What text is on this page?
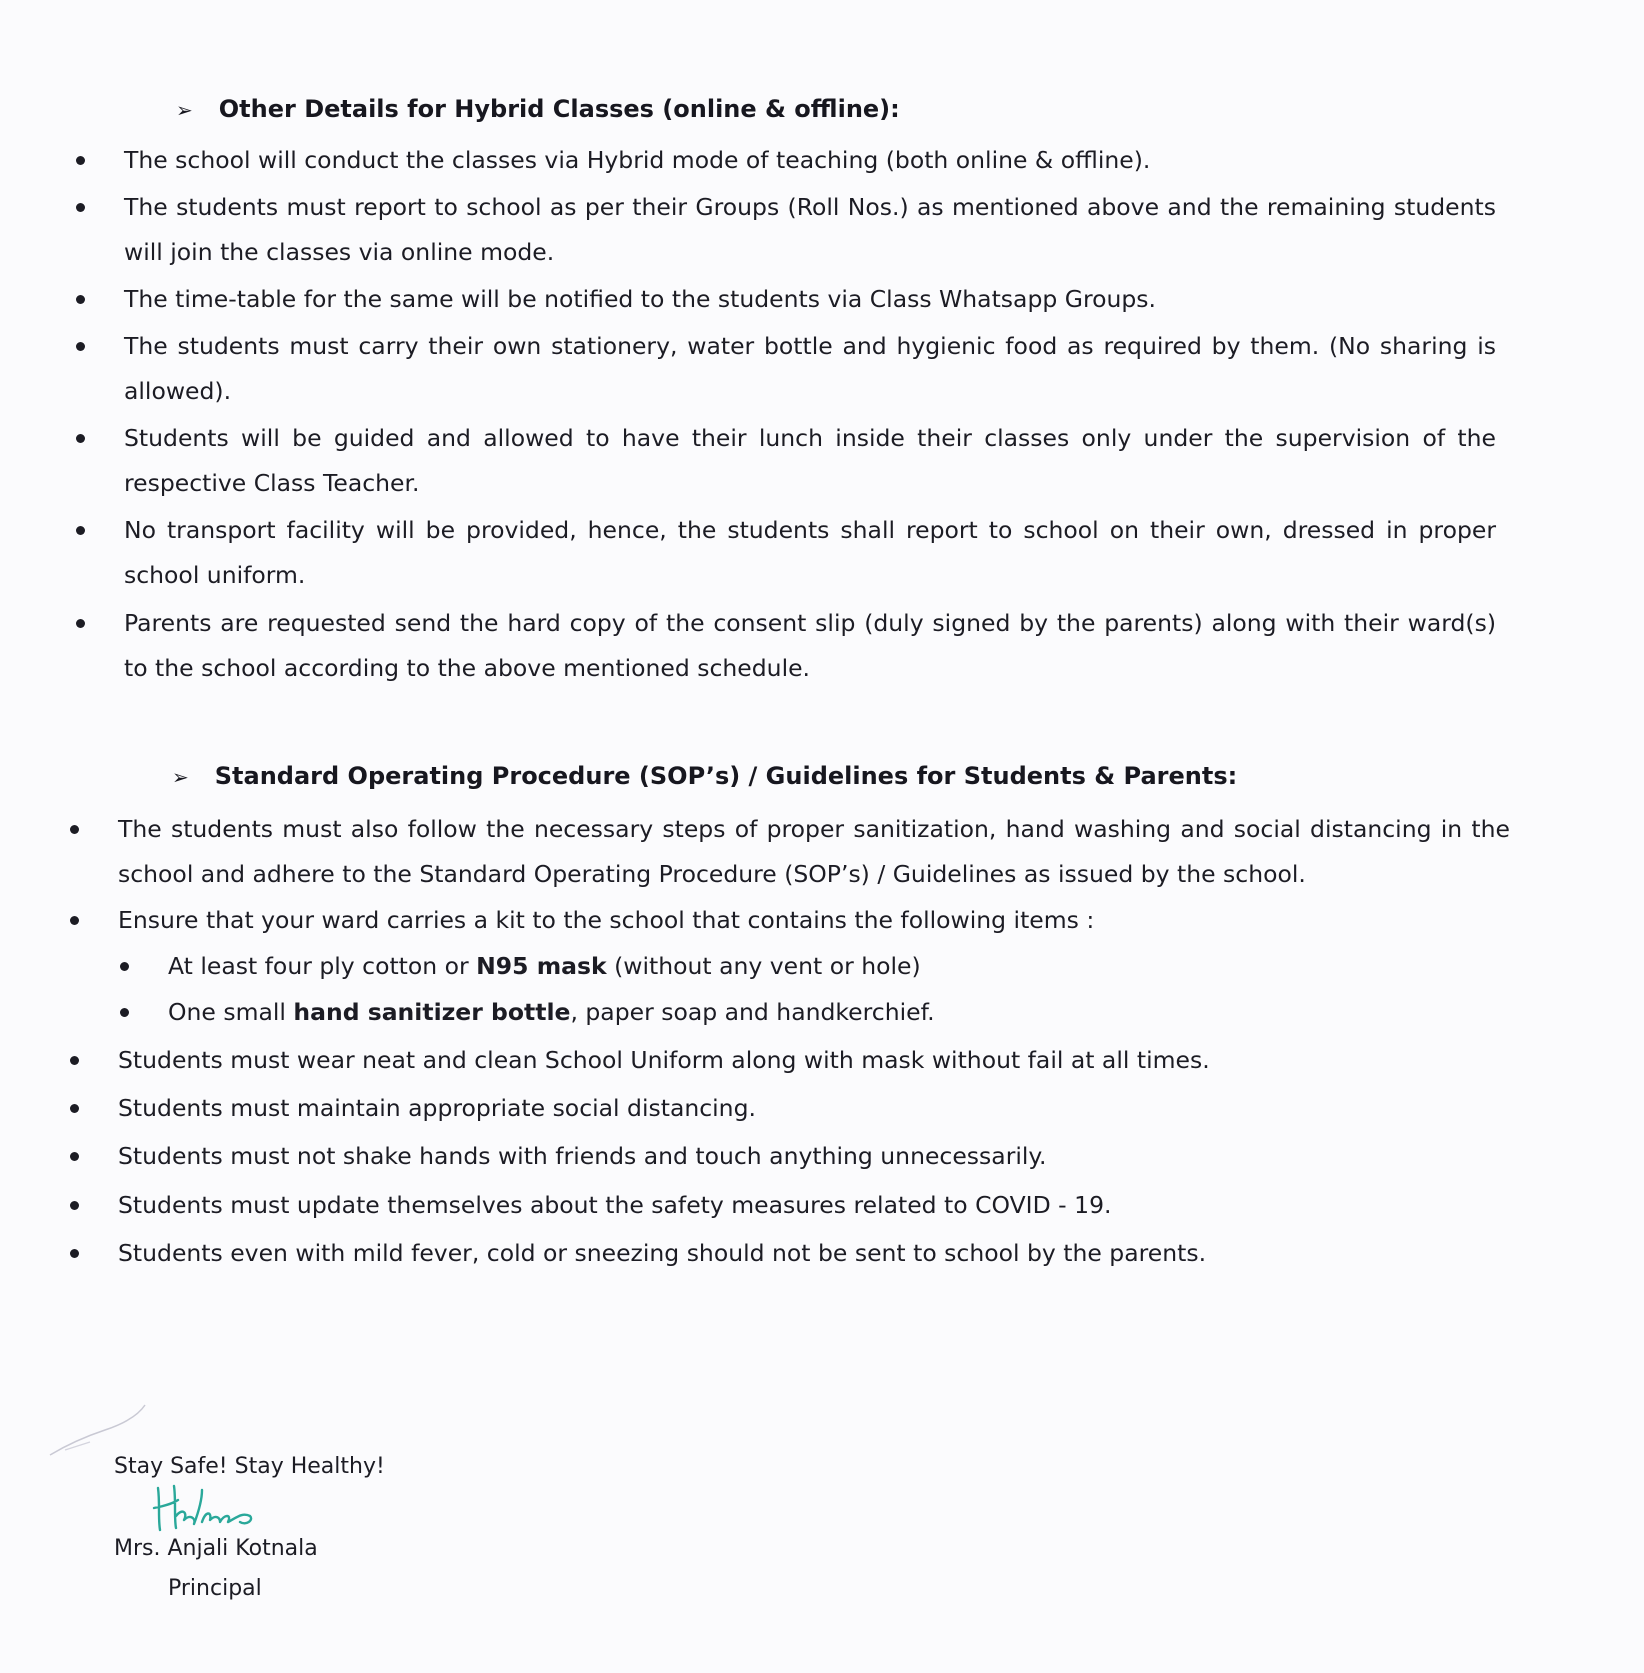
➢ Other Details for Hybrid Classes (online & offline):
The school will conduct the classes via Hybrid mode of teaching (both online & offline).
The students must report to school as per their Groups (Roll Nos.) as mentioned above and the remaining students will join the classes via online mode.
The time-table for the same will be notified to the students via Class Whatsapp Groups.
The students must carry their own stationery, water bottle and hygienic food as required by them. (No sharing is allowed).
Students will be guided and allowed to have their lunch inside their classes only under the supervision of the respective Class Teacher.
No transport facility will be provided, hence, the students shall report to school on their own, dressed in proper school uniform.
Parents are requested send the hard copy of the consent slip (duly signed by the parents) along with their ward(s) to the school according to the above mentioned schedule.
➢ Standard Operating Procedure (SOP’s) / Guidelines for Students & Parents:
The students must also follow the necessary steps of proper sanitization, hand washing and social distancing in the school and adhere to the Standard Operating Procedure (SOP’s) / Guidelines as issued by the school.
Ensure that your ward carries a kit to the school that contains the following items :
At least four ply cotton or N95 mask (without any vent or hole)
One small hand sanitizer bottle, paper soap and handkerchief.
Students must wear neat and clean School Uniform along with mask without fail at all times.
Students must maintain appropriate social distancing.
Students must not shake hands with friends and touch anything unnecessarily.
Students must update themselves about the safety measures related to COVID - 19.
Students even with mild fever, cold or sneezing should not be sent to school by the parents.
Stay Safe! Stay Healthy!
Mrs. Anjali Kotnala
Principal
